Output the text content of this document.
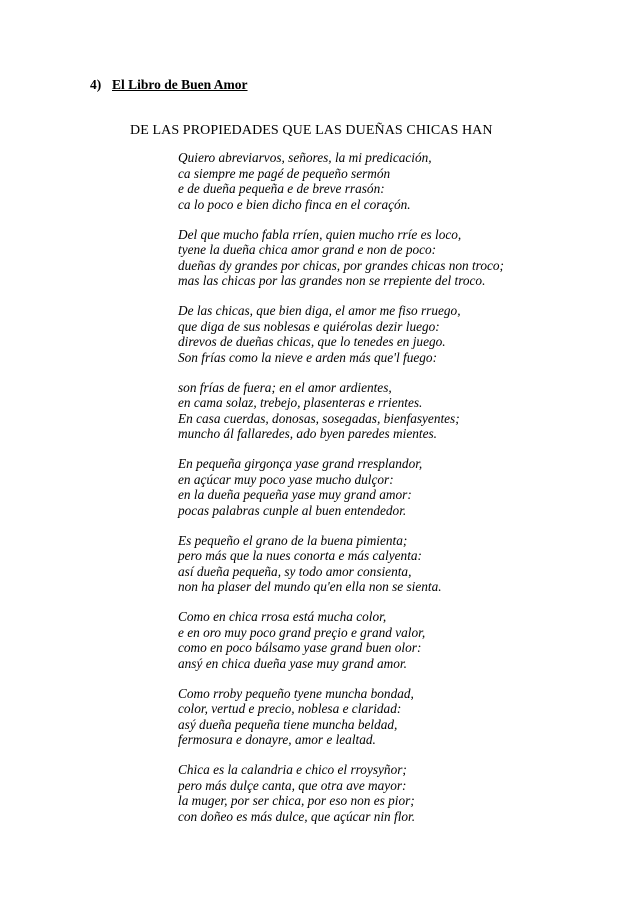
4) El Libro de Buen Amor
DE LAS PROPIEDADES QUE LAS DUEÑAS CHICAS HAN
Quiero abreviarvos, señores, la mi predicación,
ca siempre me pagé de pequeño sermón
e de dueña pequeña e de breve rrasón:
ca lo poco e bien dicho finca en el coraçón.
Del que mucho fabla rríen, quien mucho rríe es loco,
tyene la dueña chica amor grand e non de poco:
dueñas dy grandes por chicas, por grandes chicas non troco;
mas las chicas por las grandes non se rrepiente del troco.
De las chicas, que bien diga, el amor me fiso rruego,
que diga de sus noblesas e quiérolas dezir luego:
direvos de dueñas chicas, que lo tenedes en juego.
Son frías como la nieve e arden más que'l fuego:
son frías de fuera; en el amor ardientes,
en cama solaz, trebejo, plasenteras e rrientes.
En casa cuerdas, donosas, sosegadas, bienfasyentes;
muncho ál fallaredes, ado byen paredes mientes.
En pequeña girgonça yase grand rresplandor,
en açúcar muy poco yase mucho dulçor:
en la dueña pequeña yase muy grand amor:
pocas palabras cunple al buen entendedor.
Es pequeño el grano de la buena pimienta;
pero más que la nues conorta e más calyenta:
así dueña pequeña, sy todo amor consienta,
non ha plaser del mundo qu'en ella non se sienta.
Como en chica rrosa está mucha color,
e en oro muy poco grand preçio e grand valor,
como en poco bálsamo yase grand buen olor:
ansý en chica dueña yase muy grand amor.
Como rroby pequeño tyene muncha bondad,
color, vertud e precio, noblesa e claridad:
asý dueña pequeña tiene muncha beldad,
fermosura e donayre, amor e lealtad.
Chica es la calandria e chico el rroysyñor;
pero más dulçe canta, que otra ave mayor:
la muger, por ser chica, por eso non es pior;
con doñeo es más dulce, que açúcar nin flor.
